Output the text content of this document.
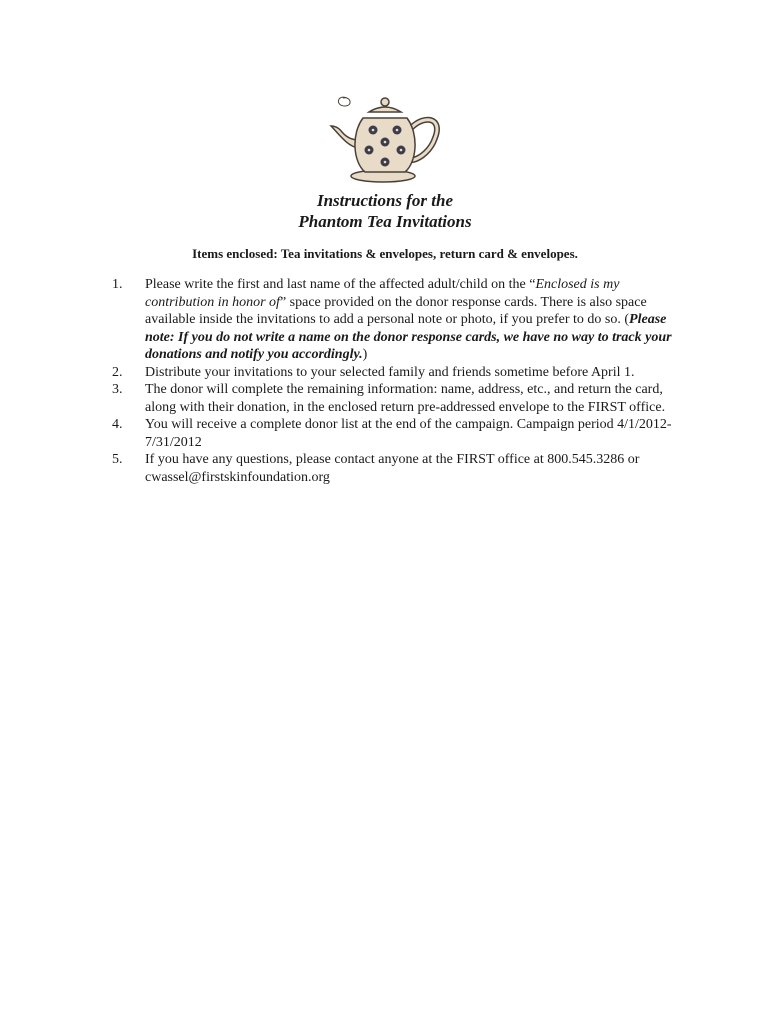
Instructions for the
Phantom Tea Invitations
Items enclosed: Tea invitations & envelopes, return card & envelopes.
1.	Please write the first and last name of the affected adult/child on the “Enclosed is my contribution in honor of” space provided on the donor response cards. There is also space available inside the invitations to add a personal note or photo, if you prefer to do so. (Please note: If you do not write a name on the donor response cards, we have no way to track your donations and notify you accordingly.)
2.	Distribute your invitations to your selected family and friends sometime before April 1.
3.	The donor will complete the remaining information: name, address, etc., and return the card, along with their donation, in the enclosed return pre-addressed envelope to the FIRST office.
4.	You will receive a complete donor list at the end of the campaign. Campaign period 4/1/2012-7/31/2012
5.	If you have any questions, please contact anyone at the FIRST office at 800.545.3286 or cwassel@firstskinfoundation.org
